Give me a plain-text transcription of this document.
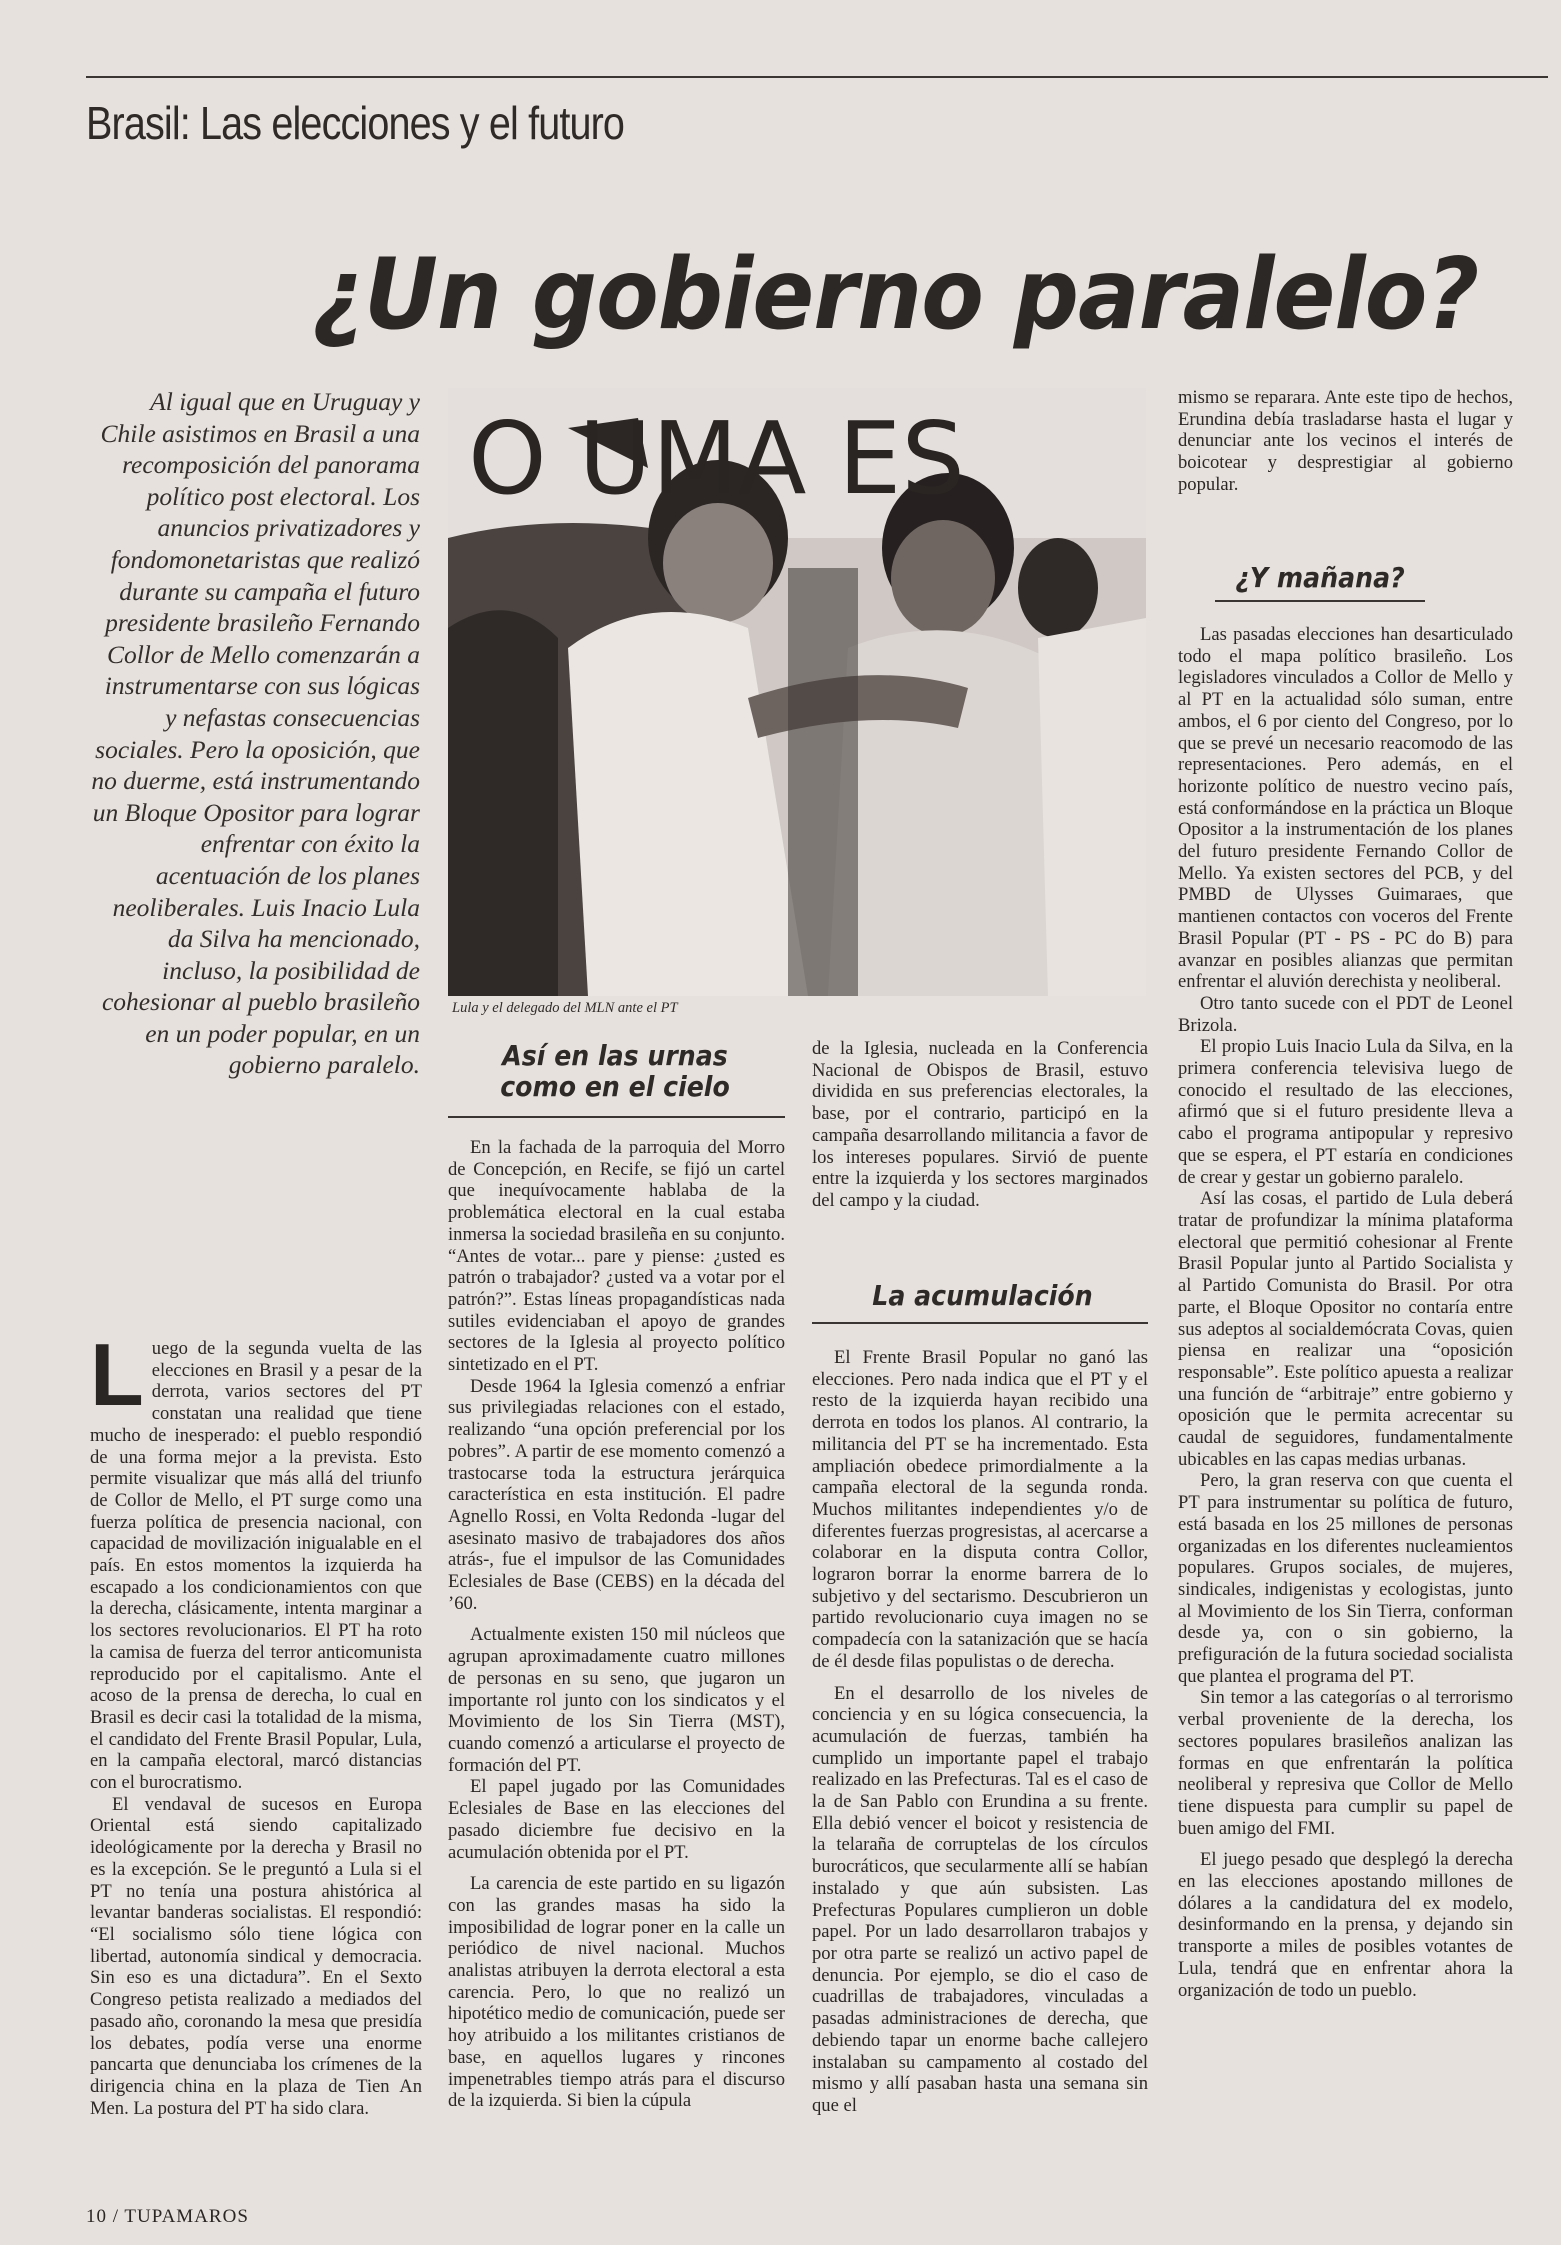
Brasil: Las elecciones y el futuro
¿Un gobierno paralelo?
Al igual que en Uruguay y Chile asistimos en Brasil a una recomposición del panorama político post electoral. Los anuncios privatizadores y fondomonetaristas que realizó durante su campaña el futuro presidente brasileño Fernando Collor de Mello comenzarán a instrumentarse con sus lógicas y nefastas consecuencias sociales. Pero la oposición, que no duerme, está instrumentando un Bloque Opositor para lograr enfrentar con éxito la acentuación de los planes neoliberales. Luis Inacio Lula da Silva ha mencionado, incluso, la posibilidad de cohesionar al pueblo brasileño en un poder popular, en un gobierno paralelo.
O UMA ES
Lula y el delegado del MLN ante el PT

Luego de la segunda vuelta de las elecciones en Brasil y a pesar de la derrota, varios sectores del PT constatan una realidad que tiene mucho de inesperado: el pueblo respondió de una forma mejor a la prevista. Esto permite visualizar que más allá del triunfo de Collor de Mello, el PT surge como una fuerza política de presencia nacional, con capacidad de movilización inigualable en el país. En estos momentos la izquierda ha escapado a los condicionamientos con que la derecha, clásicamente, intenta marginar a los sectores revolucionarios. El PT ha roto la camisa de fuerza del terror anticomunista reproducido por el capitalismo. Ante el acoso de la prensa de derecha, lo cual en Brasil es decir casi la totalidad de la misma, el candidato del Frente Brasil Popular, Lula, en la campaña electoral, marcó distancias con el burocratismo.

El vendaval de sucesos en Europa Oriental está siendo capitalizado ideológicamente por la derecha y Brasil no es la excepción. Se le preguntó a Lula si el PT no tenía una postura ahistórica al levantar banderas socialistas. El respondió: “El socialismo sólo tiene lógica con libertad, autonomía sindical y democracia. Sin eso es una dictadura”. En el Sexto Congreso petista realizado a mediados del pasado año, coronando la mesa que presidía los debates, podía verse una enorme pancarta que denunciaba los crímenes de la dirigencia china en la plaza de Tien An Men. La postura del PT ha sido clara.

Así en las urnas como en el cielo

En la fachada de la parroquia del Morro de Concepción, en Recife, se fijó un cartel que inequívocamente hablaba de la problemática electoral en la cual estaba inmersa la sociedad brasileña en su conjunto. “Antes de votar... pare y piense: ¿usted es patrón o trabajador? ¿usted va a votar por el patrón?”. Estas líneas propagandísticas nada sutiles evidenciaban el apoyo de grandes sectores de la Iglesia al proyecto político sintetizado en el PT.

Desde 1964 la Iglesia comenzó a enfriar sus privilegiadas relaciones con el estado, realizando “una opción preferencial por los pobres”. A partir de ese momento comenzó a trastocarse toda la estructura jerárquica característica en esta institución. El padre Agnello Rossi, en Volta Redonda -lugar del asesinato masivo de trabajadores dos años atrás-, fue el impulsor de las Comunidades Eclesiales de Base (CEBS) en la década del ’60.

Actualmente existen 150 mil núcleos que agrupan aproximadamente cuatro millones de personas en su seno, que jugaron un importante rol junto con los sindicatos y el Movimiento de los Sin Tierra (MST), cuando comenzó a articularse el proyecto de formación del PT.

El papel jugado por las Comunidades Eclesiales de Base en las elecciones del pasado diciembre fue decisivo en la acumulación obtenida por el PT.

La carencia de este partido en su ligazón con las grandes masas ha sido la imposibilidad de lograr poner en la calle un periódico de nivel nacional. Muchos analistas atribuyen la derrota electoral a esta carencia. Pero, lo que no realizó un hipotético medio de comunicación, puede ser hoy atribuido a los militantes cristianos de base, en aquellos lugares y rincones impenetrables tiempo atrás para el discurso de la izquierda. Si bien la cúpula

de la Iglesia, nucleada en la Conferencia Nacional de Obispos de Brasil, estuvo dividida en sus preferencias electorales, la base, por el contrario, participó en la campaña desarrollando militancia a favor de los intereses populares. Sirvió de puente entre la izquierda y los sectores marginados del campo y la ciudad.

La acumulación

El Frente Brasil Popular no ganó las elecciones. Pero nada indica que el PT y el resto de la izquierda hayan recibido una derrota en todos los planos. Al contrario, la militancia del PT se ha incrementado. Esta ampliación obedece primordialmente a la campaña electoral de la segunda ronda. Muchos militantes independientes y/o de diferentes fuerzas progresistas, al acercarse a colaborar en la disputa contra Collor, lograron borrar la enorme barrera de lo subjetivo y del sectarismo. Descubrieron un partido revolucionario cuya imagen no se compadecía con la satanización que se hacía de él desde filas populistas o de derecha.

En el desarrollo de los niveles de conciencia y en su lógica consecuencia, la acumulación de fuerzas, también ha cumplido un importante papel el trabajo realizado en las Prefecturas. Tal es el caso de la de San Pablo con Erundina a su frente. Ella debió vencer el boicot y resistencia de la telaraña de corruptelas de los círculos burocráticos, que secularmente allí se habían instalado y que aún subsisten. Las Prefecturas Populares cumplieron un doble papel. Por un lado desarrollaron trabajos y por otra parte se realizó un activo papel de denuncia. Por ejemplo, se dio el caso de cuadrillas de trabajadores, vinculadas a pasadas administraciones de derecha, que debiendo tapar un enorme bache callejero instalaban su campamento al costado del mismo y allí pasaban hasta una semana sin que el

mismo se reparara. Ante este tipo de hechos, Erundina debía trasladarse hasta el lugar y denunciar ante los vecinos el interés de boicotear y desprestigiar al gobierno popular.

¿Y mañana?

Las pasadas elecciones han desarticulado todo el mapa político brasileño. Los legisladores vinculados a Collor de Mello y al PT en la actualidad sólo suman, entre ambos, el 6 por ciento del Congreso, por lo que se prevé un necesario reacomodo de las representaciones. Pero además, en el horizonte político de nuestro vecino país, está conformándose en la práctica un Bloque Opositor a la instrumentación de los planes del futuro presidente Fernando Collor de Mello. Ya existen sectores del PCB, y del PMBD de Ulysses Guimaraes, que mantienen contactos con voceros del Frente Brasil Popular (PT - PS - PC do B) para avanzar en posibles alianzas que permitan enfrentar el aluvión derechista y neoliberal.

Otro tanto sucede con el PDT de Leonel Brizola.

El propio Luis Inacio Lula da Silva, en la primera conferencia televisiva luego de conocido el resultado de las elecciones, afirmó que si el futuro presidente lleva a cabo el programa antipopular y represivo que se espera, el PT estaría en condiciones de crear y gestar un gobierno paralelo.

Así las cosas, el partido de Lula deberá tratar de profundizar la mínima plataforma electoral que permitió cohesionar al Frente Brasil Popular junto al Partido Socialista y al Partido Comunista do Brasil. Por otra parte, el Bloque Opositor no contaría entre sus adeptos al socialdemócrata Covas, quien piensa en realizar una “oposición responsable”. Este político apuesta a realizar una función de “arbitraje” entre gobierno y oposición que le permita acrecentar su caudal de seguidores, fundamentalmente ubicables en las capas medias urbanas.

Pero, la gran reserva con que cuenta el PT para instrumentar su política de futuro, está basada en los 25 millones de personas organizadas en los diferentes nucleamientos populares. Grupos sociales, de mujeres, sindicales, indigenistas y ecologistas, junto al Movimiento de los Sin Tierra, conforman desde ya, con o sin gobierno, la prefiguración de la futura sociedad socialista que plantea el programa del PT.

Sin temor a las categorías o al terrorismo verbal proveniente de la derecha, los sectores populares brasileños analizan las formas en que enfrentarán la política neoliberal y represiva que Collor de Mello tiene dispuesta para cumplir su papel de buen amigo del FMI.

El juego pesado que desplegó la derecha en las elecciones apostando millones de dólares a la candidatura del ex modelo, desinformando en la prensa, y dejando sin transporte a miles de posibles votantes de Lula, tendrá que en enfrentar ahora la organización de todo un pueblo.

10 / TUPAMAROS
